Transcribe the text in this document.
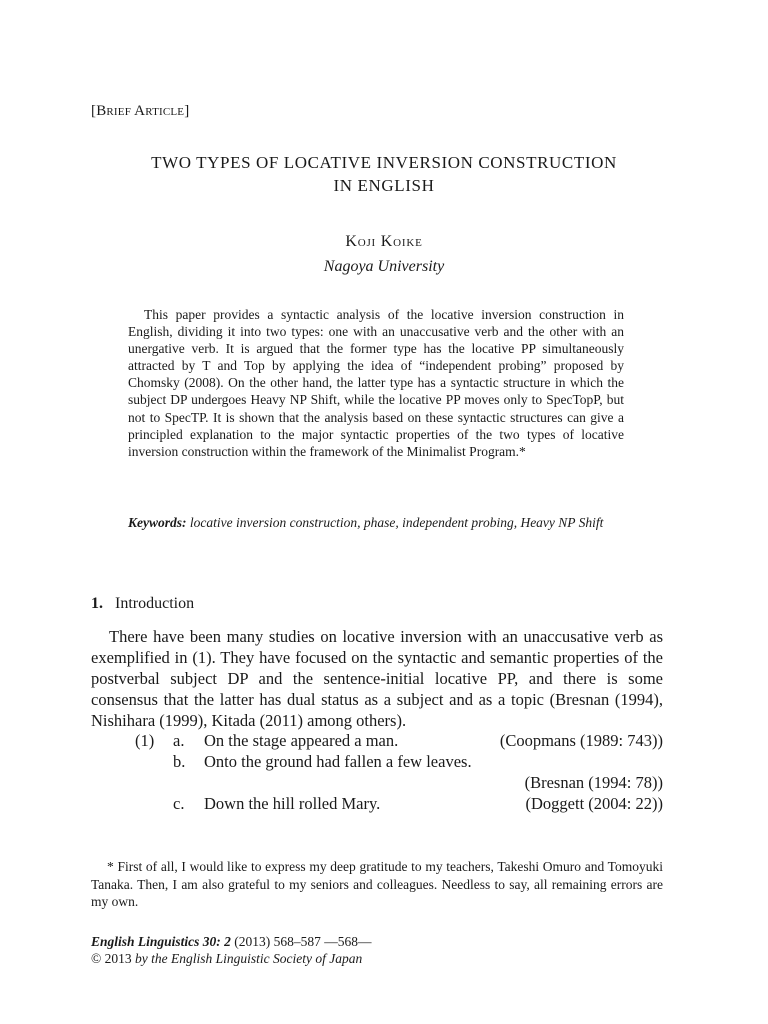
[Brief Article]
TWO TYPES OF LOCATIVE INVERSION CONSTRUCTION
IN ENGLISH
Koji Koike
Nagoya University
This paper provides a syntactic analysis of the locative inversion construction in English, dividing it into two types: one with an unaccusative verb and the other with an unergative verb. It is argued that the former type has the locative PP simultaneously attracted by T and Top by applying the idea of “independent probing” proposed by Chomsky (2008). On the other hand, the latter type has a syntactic structure in which the subject DP undergoes Heavy NP Shift, while the locative PP moves only to SpecTopP, but not to SpecTP. It is shown that the analysis based on these syntactic structures can give a principled explanation to the major syntactic properties of the two types of locative inversion construction within the framework of the Minimalist Program.*
Keywords: locative inversion construction, phase, independent probing, Heavy NP Shift
1. Introduction
There have been many studies on locative inversion with an unaccusative verb as exemplified in (1). They have focused on the syntactic and semantic properties of the postverbal subject DP and the sentence-initial locative PP, and there is some consensus that the latter has dual status as a subject and as a topic (Bresnan (1994), Nishihara (1999), Kitada (2011) among others).
(1) a. On the stage appeared a man.	(Coopmans (1989: 743))
b. Onto the ground had fallen a few leaves.
(Bresnan (1994: 78))
c. Down the hill rolled Mary.	(Doggett (2004: 22))
* First of all, I would like to express my deep gratitude to my teachers, Takeshi Omuro and Tomoyuki Tanaka. Then, I am also grateful to my seniors and colleagues. Needless to say, all remaining errors are my own.
English Linguistics 30: 2 (2013) 568–587 —568—
© 2013 by the English Linguistic Society of Japan
